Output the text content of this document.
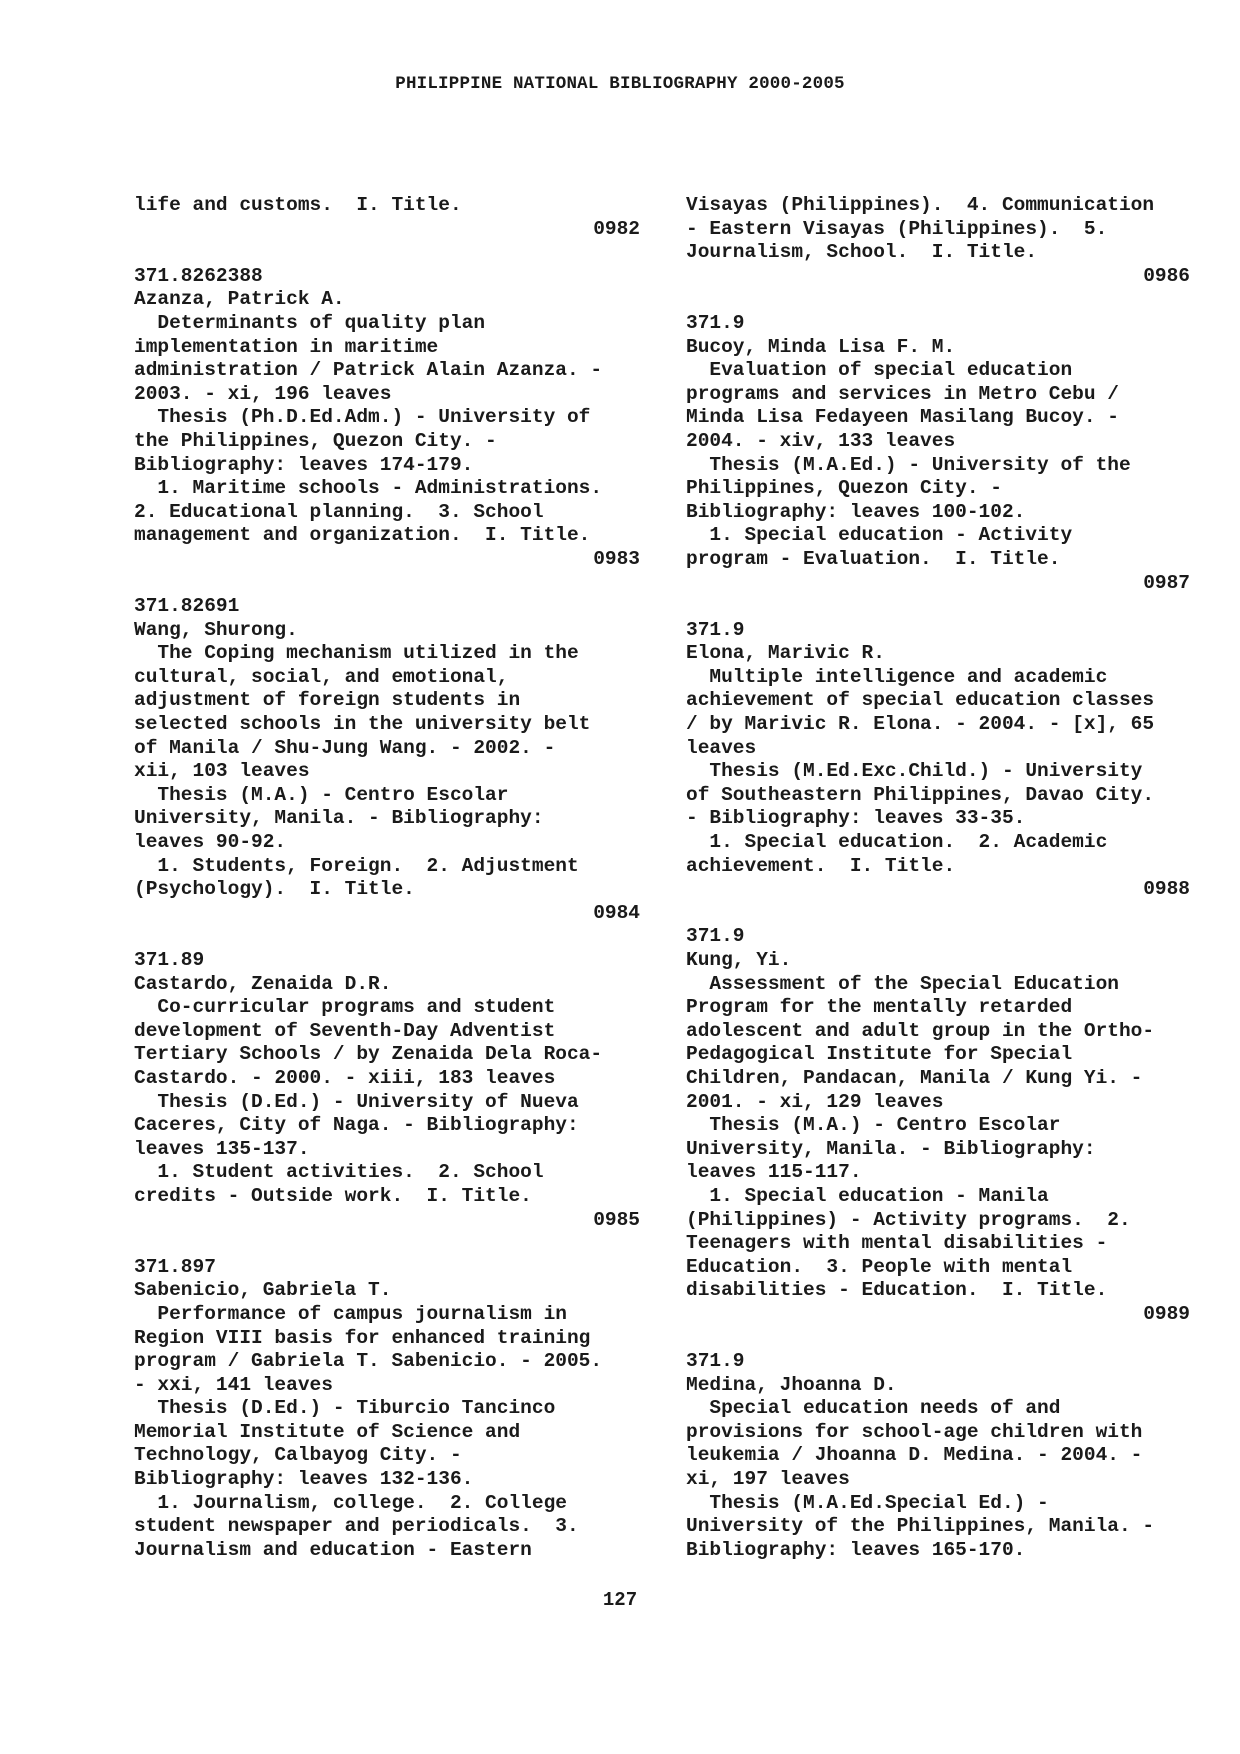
PHILIPPINE NATIONAL BIBLIOGRAPHY 2000-2005
life and customs.  I. Title.
0982
371.8262388
Azanza, Patrick A.
Determinants of quality plan
implementation in maritime
administration / Patrick Alain Azanza. -
2003. - xi, 196 leaves
Thesis (Ph.D.Ed.Adm.) - University of
the Philippines, Quezon City. -
Bibliography: leaves 174-179.
1. Maritime schools - Administrations.
2. Educational planning.  3. School
management and organization.  I. Title.
0983
371.82691
Wang, Shurong.
The Coping mechanism utilized in the
cultural, social, and emotional,
adjustment of foreign students in
selected schools in the university belt
of Manila / Shu-Jung Wang. - 2002. -
xii, 103 leaves
Thesis (M.A.) - Centro Escolar
University, Manila. - Bibliography:
leaves 90-92.
1. Students, Foreign.  2. Adjustment
(Psychology).  I. Title.
0984
371.89
Castardo, Zenaida D.R.
Co-curricular programs and student
development of Seventh-Day Adventist
Tertiary Schools / by Zenaida Dela Roca-
Castardo. - 2000. - xiii, 183 leaves
Thesis (D.Ed.) - University of Nueva
Caceres, City of Naga. - Bibliography:
leaves 135-137.
1. Student activities.  2. School
credits - Outside work.  I. Title.
0985
371.897
Sabenicio, Gabriela T.
Performance of campus journalism in
Region VIII basis for enhanced training
program / Gabriela T. Sabenicio. - 2005.
- xxi, 141 leaves
Thesis (D.Ed.) - Tiburcio Tancinco
Memorial Institute of Science and
Technology, Calbayog City. -
Bibliography: leaves 132-136.
1. Journalism, college.  2. College
student newspaper and periodicals.  3.
Journalism and education - Eastern
Visayas (Philippines).  4. Communication
- Eastern Visayas (Philippines).  5.
Journalism, School.  I. Title.
0986
371.9
Bucoy, Minda Lisa F. M.
Evaluation of special education
programs and services in Metro Cebu /
Minda Lisa Fedayeen Masilang Bucoy. -
2004. - xiv, 133 leaves
Thesis (M.A.Ed.) - University of the
Philippines, Quezon City. -
Bibliography: leaves 100-102.
1. Special education - Activity
program - Evaluation.  I. Title.
0987
371.9
Elona, Marivic R.
Multiple intelligence and academic
achievement of special education classes
/ by Marivic R. Elona. - 2004. - [x], 65
leaves
Thesis (M.Ed.Exc.Child.) - University
of Southeastern Philippines, Davao City.
- Bibliography: leaves 33-35.
1. Special education.  2. Academic
achievement.  I. Title.
0988
371.9
Kung, Yi.
Assessment of the Special Education
Program for the mentally retarded
adolescent and adult group in the Ortho-
Pedagogical Institute for Special
Children, Pandacan, Manila / Kung Yi. -
2001. - xi, 129 leaves
Thesis (M.A.) - Centro Escolar
University, Manila. - Bibliography:
leaves 115-117.
1. Special education - Manila
(Philippines) - Activity programs.  2.
Teenagers with mental disabilities -
Education.  3. People with mental
disabilities - Education.  I. Title.
0989
371.9
Medina, Jhoanna D.
Special education needs of and
provisions for school-age children with
leukemia / Jhoanna D. Medina. - 2004. -
xi, 197 leaves
Thesis (M.A.Ed.Special Ed.) -
University of the Philippines, Manila. -
Bibliography: leaves 165-170.
127
